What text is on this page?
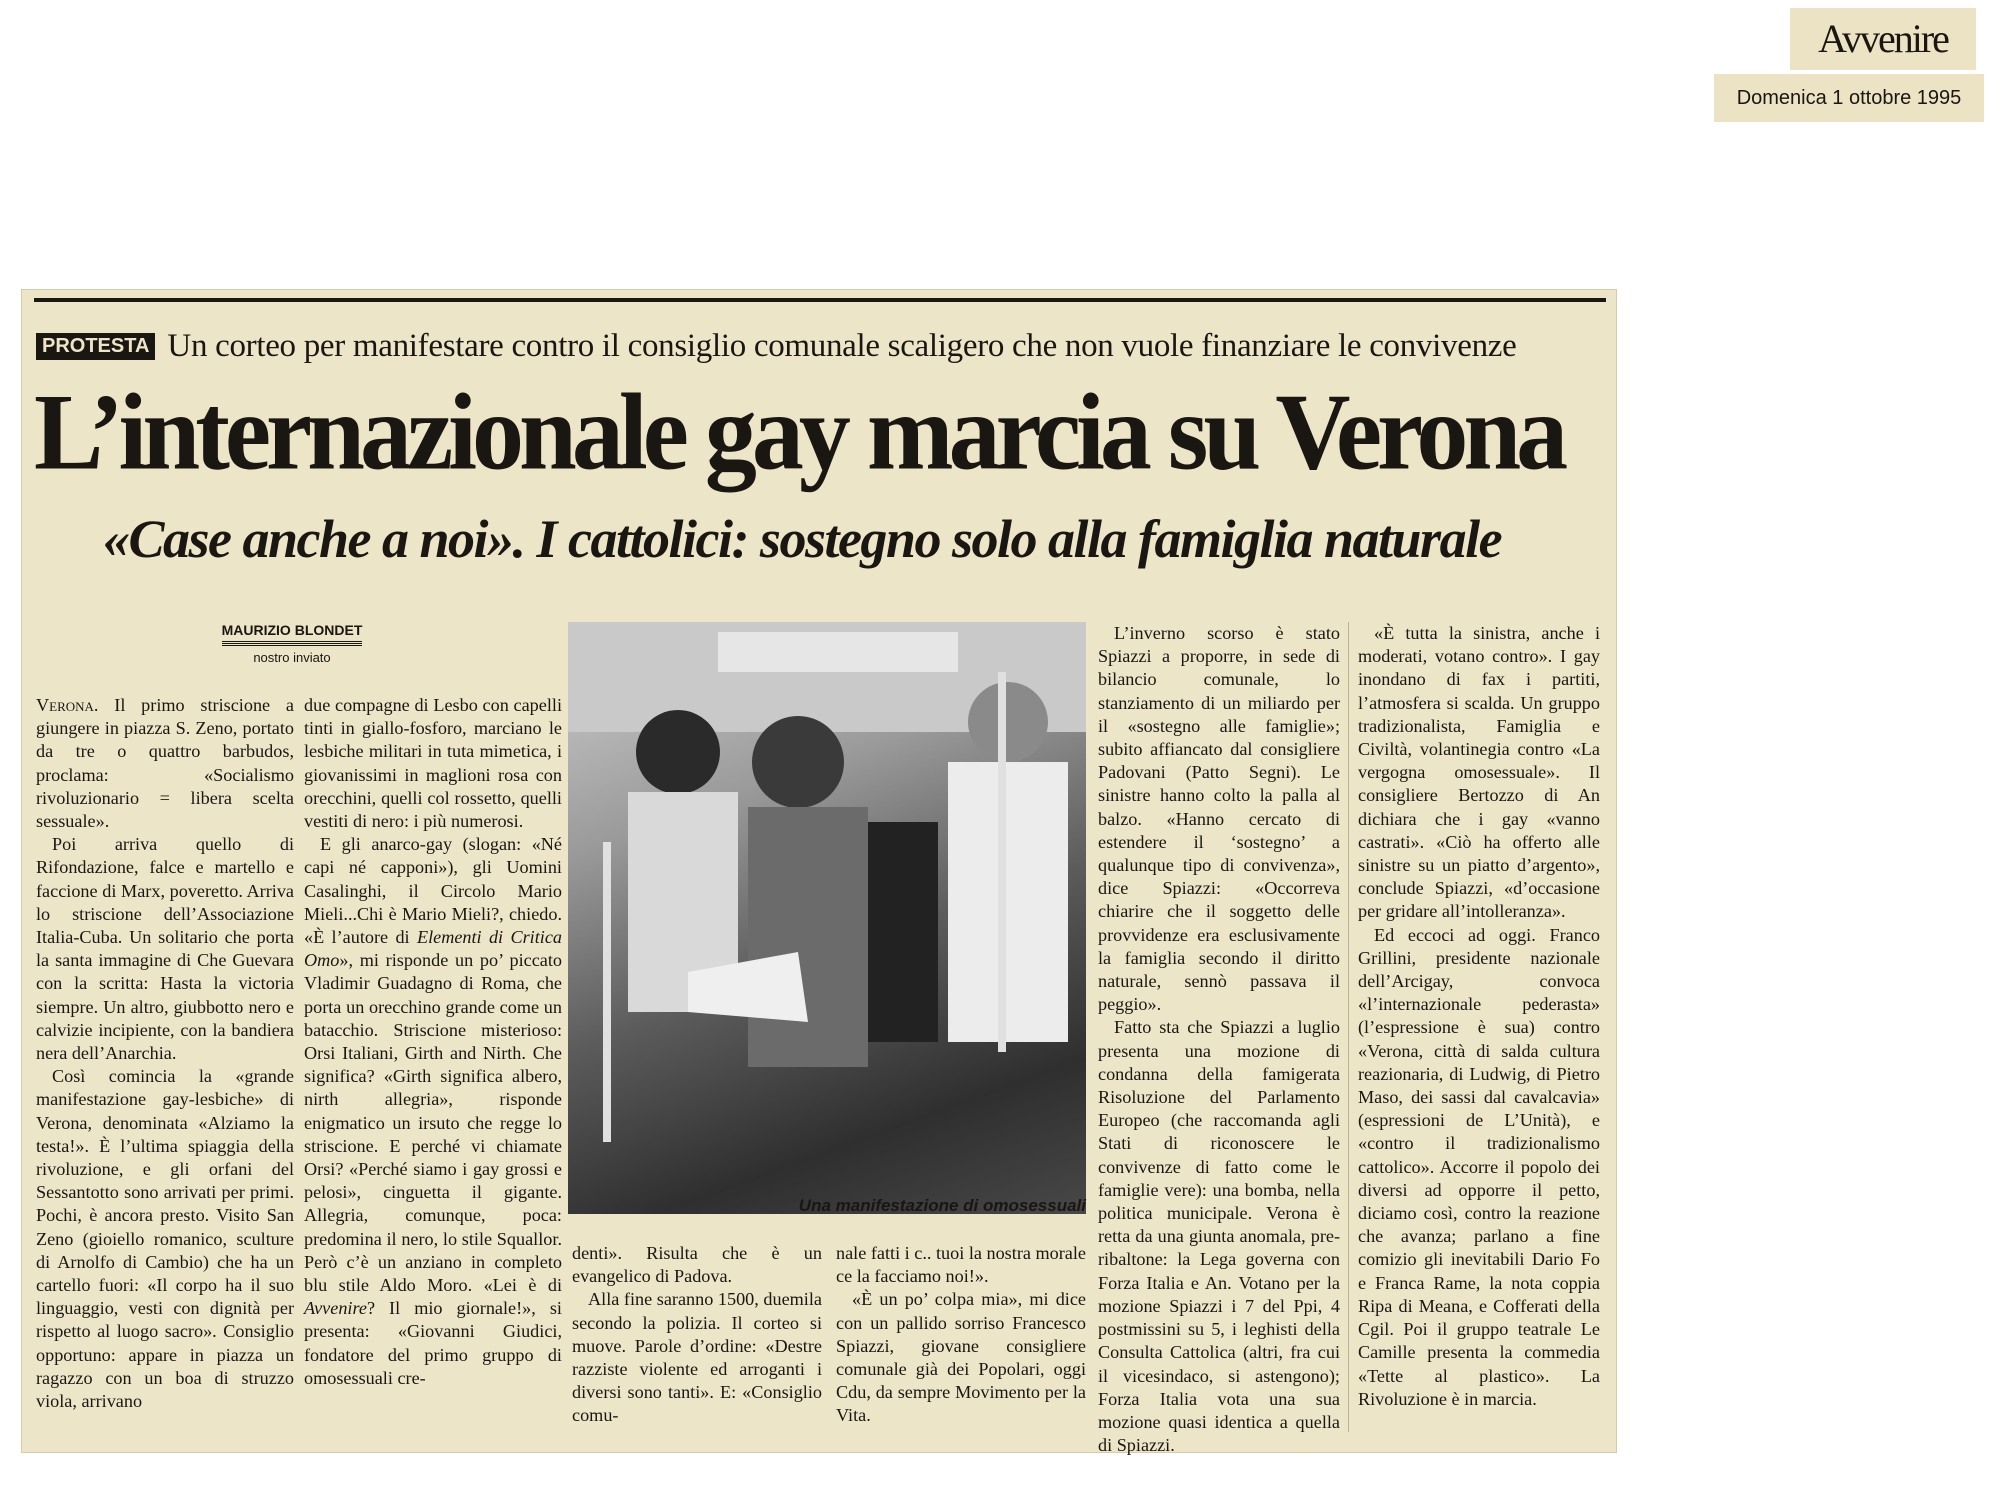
Avvenire
Domenica 1 ottobre 1995
PROTESTA Un corteo per manifestare contro il consiglio comunale scaligero che non vuole finanziare le convivenze
L’internazionale gay marcia su Verona
«Case anche a noi». I cattolici: sostegno solo alla famiglia naturale
MAURIZIO BLONDET
nostro inviato

Verona. Il primo striscione a giungere in piazza S. Zeno, portato da tre o quattro barbudos, proclama: «Socialismo rivoluzionario = libera scelta sessuale».

Poi arriva quello di Rifondazione, falce e martello e faccione di Marx, poveretto. Arriva lo striscione dell’Associazione Italia-Cuba. Un solitario che porta la santa immagine di Che Guevara con la scritta: Hasta la victoria siempre. Un altro, giubbotto nero e calvizie incipiente, con la bandiera nera dell’Anarchia.

Così comincia la «grande manifestazione gay-lesbiche» di Verona, denominata «Alziamo la testa!». È l’ultima spiaggia della rivoluzione, e gli orfani del Sessantotto sono arrivati per primi. Pochi, è ancora presto. Visito San Zeno (gioiello romanico, sculture di Arnolfo di Cambio) che ha un cartello fuori: «Il corpo ha il suo linguaggio, vesti con dignità per rispetto al luogo sacro». Consiglio opportuno: appare in piazza un ragazzo con un boa di struzzo viola, arrivano

due compagne di Lesbo con capelli tinti in giallo-fosforo, marciano le lesbiche militari in tuta mimetica, i giovanissimi in maglioni rosa con orecchini, quelli col rossetto, quelli vestiti di nero: i più numerosi.

E gli anarco-gay (slogan: «Né capi né capponi»), gli Uomini Casalinghi, il Circolo Mario Mieli...Chi è Mario Mieli?, chiedo. «È l’autore di Elementi di Critica Omo», mi risponde un po’ piccato Vladimir Guadagno di Roma, che porta un orecchino grande come un batacchio. Striscione misterioso: Orsi Italiani, Girth and Nirth. Che significa? «Girth significa albero, nirth allegria», risponde enigmatico un irsuto che regge lo striscione. E perché vi chiamate Orsi? «Perché siamo i gay grossi e pelosi», cinguetta il gigante. Allegria, comunque, poca: predomina il nero, lo stile Squallor. Però c’è un anziano in completo blu stile Aldo Moro. «Lei è di Avvenire? Il mio giornale!», si presenta: «Giovanni Giudici, fondatore del primo gruppo di omosessuali cre-

Una manifestazione di omosessuali

denti». Risulta che è un evangelico di Padova.

Alla fine saranno 1500, duemila secondo la polizia. Il corteo si muove. Parole d’ordine: «Destre razziste violente ed arroganti i diversi sono tanti». E: «Consiglio comu-

nale fatti i c.. tuoi la nostra morale ce la facciamo noi!».

«È un po’ colpa mia», mi dice con un pallido sorriso Francesco Spiazzi, giovane consigliere comunale già dei Popolari, oggi Cdu, da sempre Movimento per la Vita.

L’inverno scorso è stato Spiazzi a proporre, in sede di bilancio comunale, lo stanziamento di un miliardo per il «sostegno alle famiglie»; subito affiancato dal consigliere Padovani (Patto Segni). Le sinistre hanno colto la palla al balzo. «Hanno cercato di estendere il ‘sostegno’ a qualunque tipo di convivenza», dice Spiazzi: «Occorreva chiarire che il soggetto delle provvidenze era esclusivamente la famiglia secondo il diritto naturale, sennò passava il peggio».

Fatto sta che Spiazzi a luglio presenta una mozione di condanna della famigerata Risoluzione del Parlamento Europeo (che raccomanda agli Stati di riconoscere le convivenze di fatto come le famiglie vere): una bomba, nella politica municipale. Verona è retta da una giunta anomala, pre-ribaltone: la Lega governa con Forza Italia e An. Votano per la mozione Spiazzi i 7 del Ppi, 4 postmissini su 5, i leghisti della Consulta Cattolica (altri, fra cui il vicesindaco, si astengono); Forza Italia vota una sua mozione quasi identica a quella di Spiazzi.

«È tutta la sinistra, anche i moderati, votano contro». I gay inondano di fax i partiti, l’atmosfera si scalda. Un gruppo tradizionalista, Famiglia e Civiltà, volantinegia contro «La vergogna omosessuale». Il consigliere Bertozzo di An dichiara che i gay «vanno castrati». «Ciò ha offerto alle sinistre su un piatto d’argento», conclude Spiazzi, «d’occasione per gridare all’intolleranza».

Ed eccoci ad oggi. Franco Grillini, presidente nazionale dell’Arcigay, convoca «l’internazionale pederasta» (l’espressione è sua) contro «Verona, città di salda cultura reazionaria, di Ludwig, di Pietro Maso, dei sassi dal cavalcavia» (espressioni de L’Unità), e «contro il tradizionalismo cattolico». Accorre il popolo dei diversi ad opporre il petto, diciamo così, contro la reazione che avanza; parlano a fine comizio gli inevitabili Dario Fo e Franca Rame, la nota coppia Ripa di Meana, e Cofferati della Cgil. Poi il gruppo teatrale Le Camille presenta la commedia «Tette al plastico». La Rivoluzione è in marcia.
